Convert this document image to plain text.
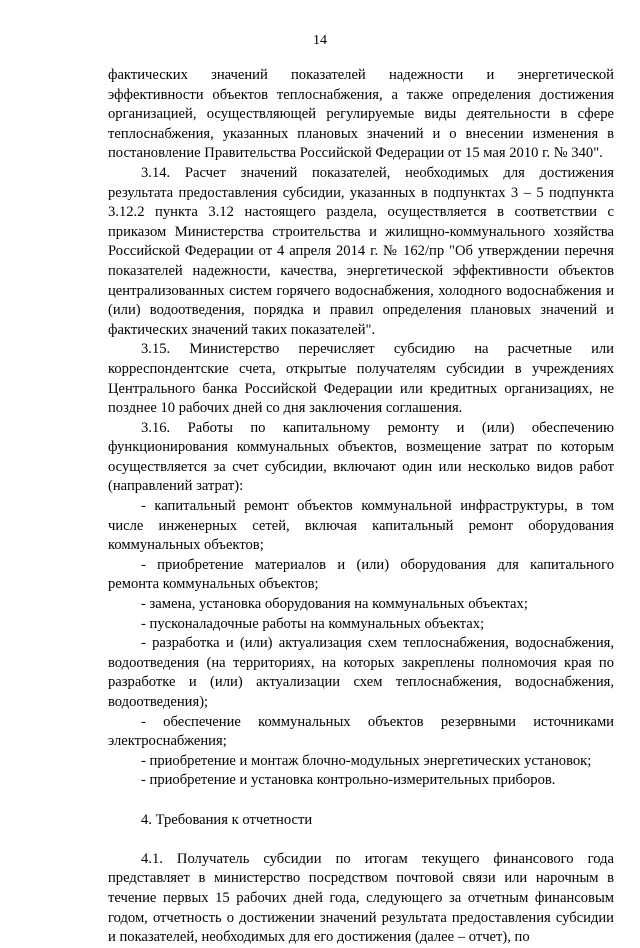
14

фактических значений показателей надежности и энергетической эффективности объектов теплоснабжения, а также определения достижения организацией, осуществляющей регулируемые виды деятельности в сфере теплоснабжения, указанных плановых значений и о внесении изменения в постановление Правительства Российской Федерации от 15 мая 2010 г. № 340".

3.14. Расчет значений показателей, необходимых для достижения результата предоставления субсидии, указанных в подпунктах 3 – 5 подпункта 3.12.2 пункта 3.12 настоящего раздела, осуществляется в соответствии с приказом Министерства строительства и жилищно-коммунального хозяйства Российской Федерации от 4 апреля 2014 г. № 162/пр "Об утверждении перечня показателей надежности, качества, энергетической эффективности объектов централизованных систем горячего водоснабжения, холодного водоснабжения и (или) водоотведения, порядка и правил определения плановых значений и фактических значений таких показателей".

3.15. Министерство перечисляет субсидию на расчетные или корреспондентские счета, открытые получателям субсидии в учреждениях Центрального банка Российской Федерации или кредитных организациях, не позднее 10 рабочих дней со дня заключения соглашения.

3.16. Работы по капитальному ремонту и (или) обеспечению функционирования коммунальных объектов, возмещение затрат по которым осуществляется за счет субсидии, включают один или несколько видов работ (направлений затрат):

- капитальный ремонт объектов коммунальной инфраструктуры, в том числе инженерных сетей, включая капитальный ремонт оборудования коммунальных объектов;

- приобретение материалов и (или) оборудования для капитального ремонта коммунальных объектов;

- замена, установка оборудования на коммунальных объектах;

- пусконаладочные работы на коммунальных объектах;

- разработка и (или) актуализация схем теплоснабжения, водоснабжения, водоотведения (на территориях, на которых закреплены полномочия края по разработке и (или) актуализации схем теплоснабжения, водоснабжения, водоотведения);

- обеспечение коммунальных объектов резервными источниками электроснабжения;

- приобретение и монтаж блочно-модульных энергетических установок;

- приобретение и установка контрольно-измерительных приборов.

4. Требования к отчетности

4.1. Получатель субсидии по итогам текущего финансового года представляет в министерство посредством почтовой связи или нарочным в течение первых 15 рабочих дней года, следующего за отчетным финансовым годом, отчетность о достижении значений результата предоставления субсидии и показателей, необходимых для его достижения (далее – отчет), по
